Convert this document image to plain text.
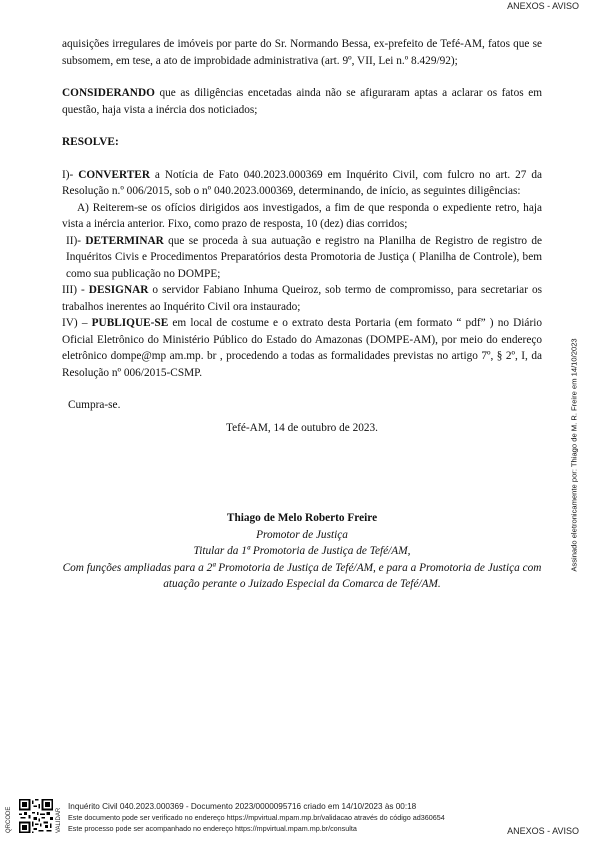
ANEXOS - AVISO

aquisições irregulares de imóveis por parte do Sr. Normando Bessa, ex-prefeito de Tefé-AM, fatos que se subsomem, em tese, a ato de improbidade administrativa (art. 9º, VII, Lei n.º 8.429/92);

CONSIDERANDO que as diligências encetadas ainda não se afiguraram aptas a aclarar os fatos em questão, haja vista a inércia dos noticiados;

RESOLVE:

I)- CONVERTER a Notícia de Fato 040.2023.000369 em Inquérito Civil, com fulcro no art. 27 da Resolução n.º 006/2015, sob o nº 040.2023.000369, determinando, de início, as seguintes diligências:

A) Reiterem-se os ofícios dirigidos aos investigados, a fim de que responda o expediente retro, haja vista a inércia anterior. Fixo, como prazo de resposta, 10 (dez) dias corridos;

II)- DETERMINAR que se proceda à sua autuação e registro na Planilha de Registro de registro de Inquéritos Civis e Procedimentos Preparatórios desta Promotoria de Justiça ( Planilha de Controle), bem como sua publicação no DOMPE;

III) - DESIGNAR o servidor Fabiano Inhuma Queiroz, sob termo de compromisso, para secretariar os trabalhos inerentes ao Inquérito Civil ora instaurado;

IV) – PUBLIQUE-SE em local de costume e o extrato desta Portaria (em formato “ pdf” ) no Diário Oficial Eletrônico do Ministério Público do Estado do Amazonas (DOMPE-AM), por meio do endereço eletrônico dompe@mp am.mp. br , procedendo a todas as formalidades previstas no artigo 7º, § 2º, I, da Resolução nº 006/2015-CSMP.

Cumpra-se.

Tefé-AM, 14 de outubro de 2023.

Thiago de Melo Roberto Freire
Promotor de Justiça
Titular da 1ª Promotoria de Justiça de Tefé/AM,
Com funções ampliadas para a 2ª Promotoria de Justiça de Tefé/AM, e para a Promotoria de Justiça com atuação perante o Juizado Especial da Comarca de Tefé/AM.
Assinado eletronicamente por: Thiago de M. R. Freire em 14/10/2023
QRCODE	VALIDAR
Inquérito Civil 040.2023.000369 - Documento 2023/0000095716 criado em 14/10/2023 às 00:18
Este documento pode ser verificado no endereço https://mpvirtual.mpam.mp.br/validacao através do código ad360654
Este processo pode ser acompanhado no endereço https://mpvirtual.mpam.mp.br/consulta	ANEXOS - AVISO
